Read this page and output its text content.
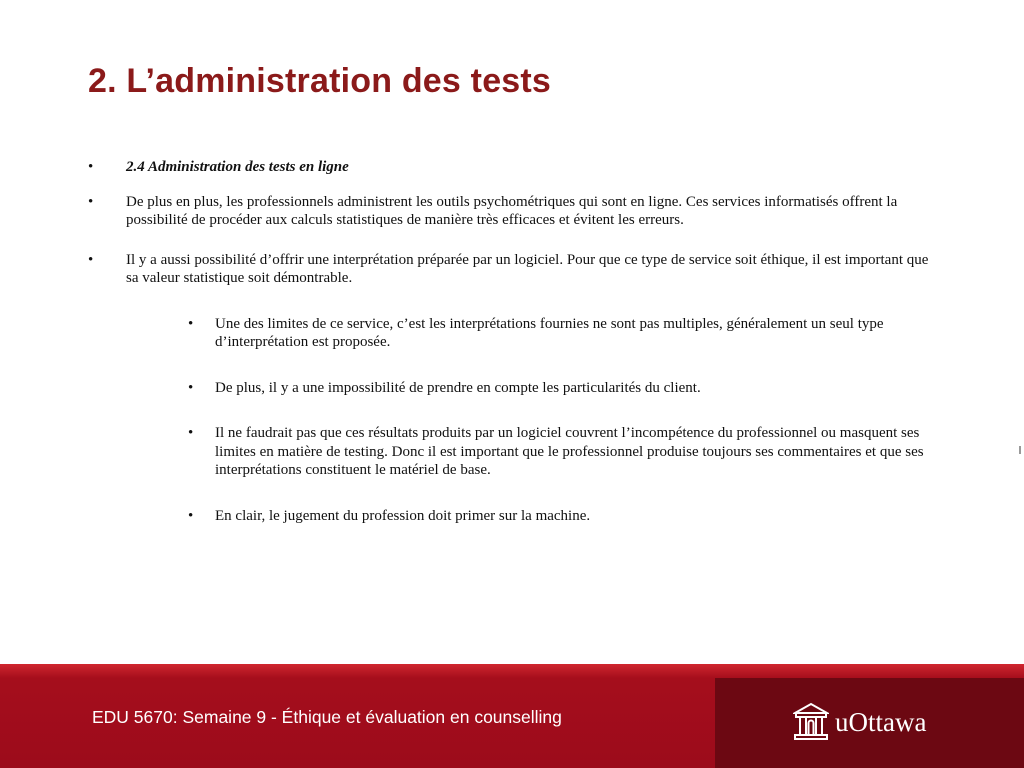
2. L’administration des tests
• 2.4 Administration des tests en ligne
• De plus en plus, les professionnels administrent les outils psychométriques qui sont en ligne. Ces services informatisés offrent la possibilité de procéder aux calculs statistiques de manière très efficaces et évitent les erreurs.
• Il y a aussi possibilité d’offrir une interprétation préparée par un logiciel. Pour que ce type de service soit éthique, il est important que sa valeur statistique soit démontrable.
• Une des limites de ce service, c’est les interprétations fournies ne sont pas multiples, généralement un seul type d’interprétation est proposée.
• De plus, il y a une impossibilité de prendre en compte les particularités du client.
• Il ne faudrait pas que ces résultats produits par un logiciel couvrent l’incompétence du professionnel ou masquent ses limites en matière de testing. Donc il est important que le professionnel produise toujours ses commentaires et que ses interprétations constituent le matériel de base.
• En clair, le jugement du profession doit primer sur la machine.
EDU 5670: Semaine 9 - Éthique et évaluation en counselling	uOttawa
